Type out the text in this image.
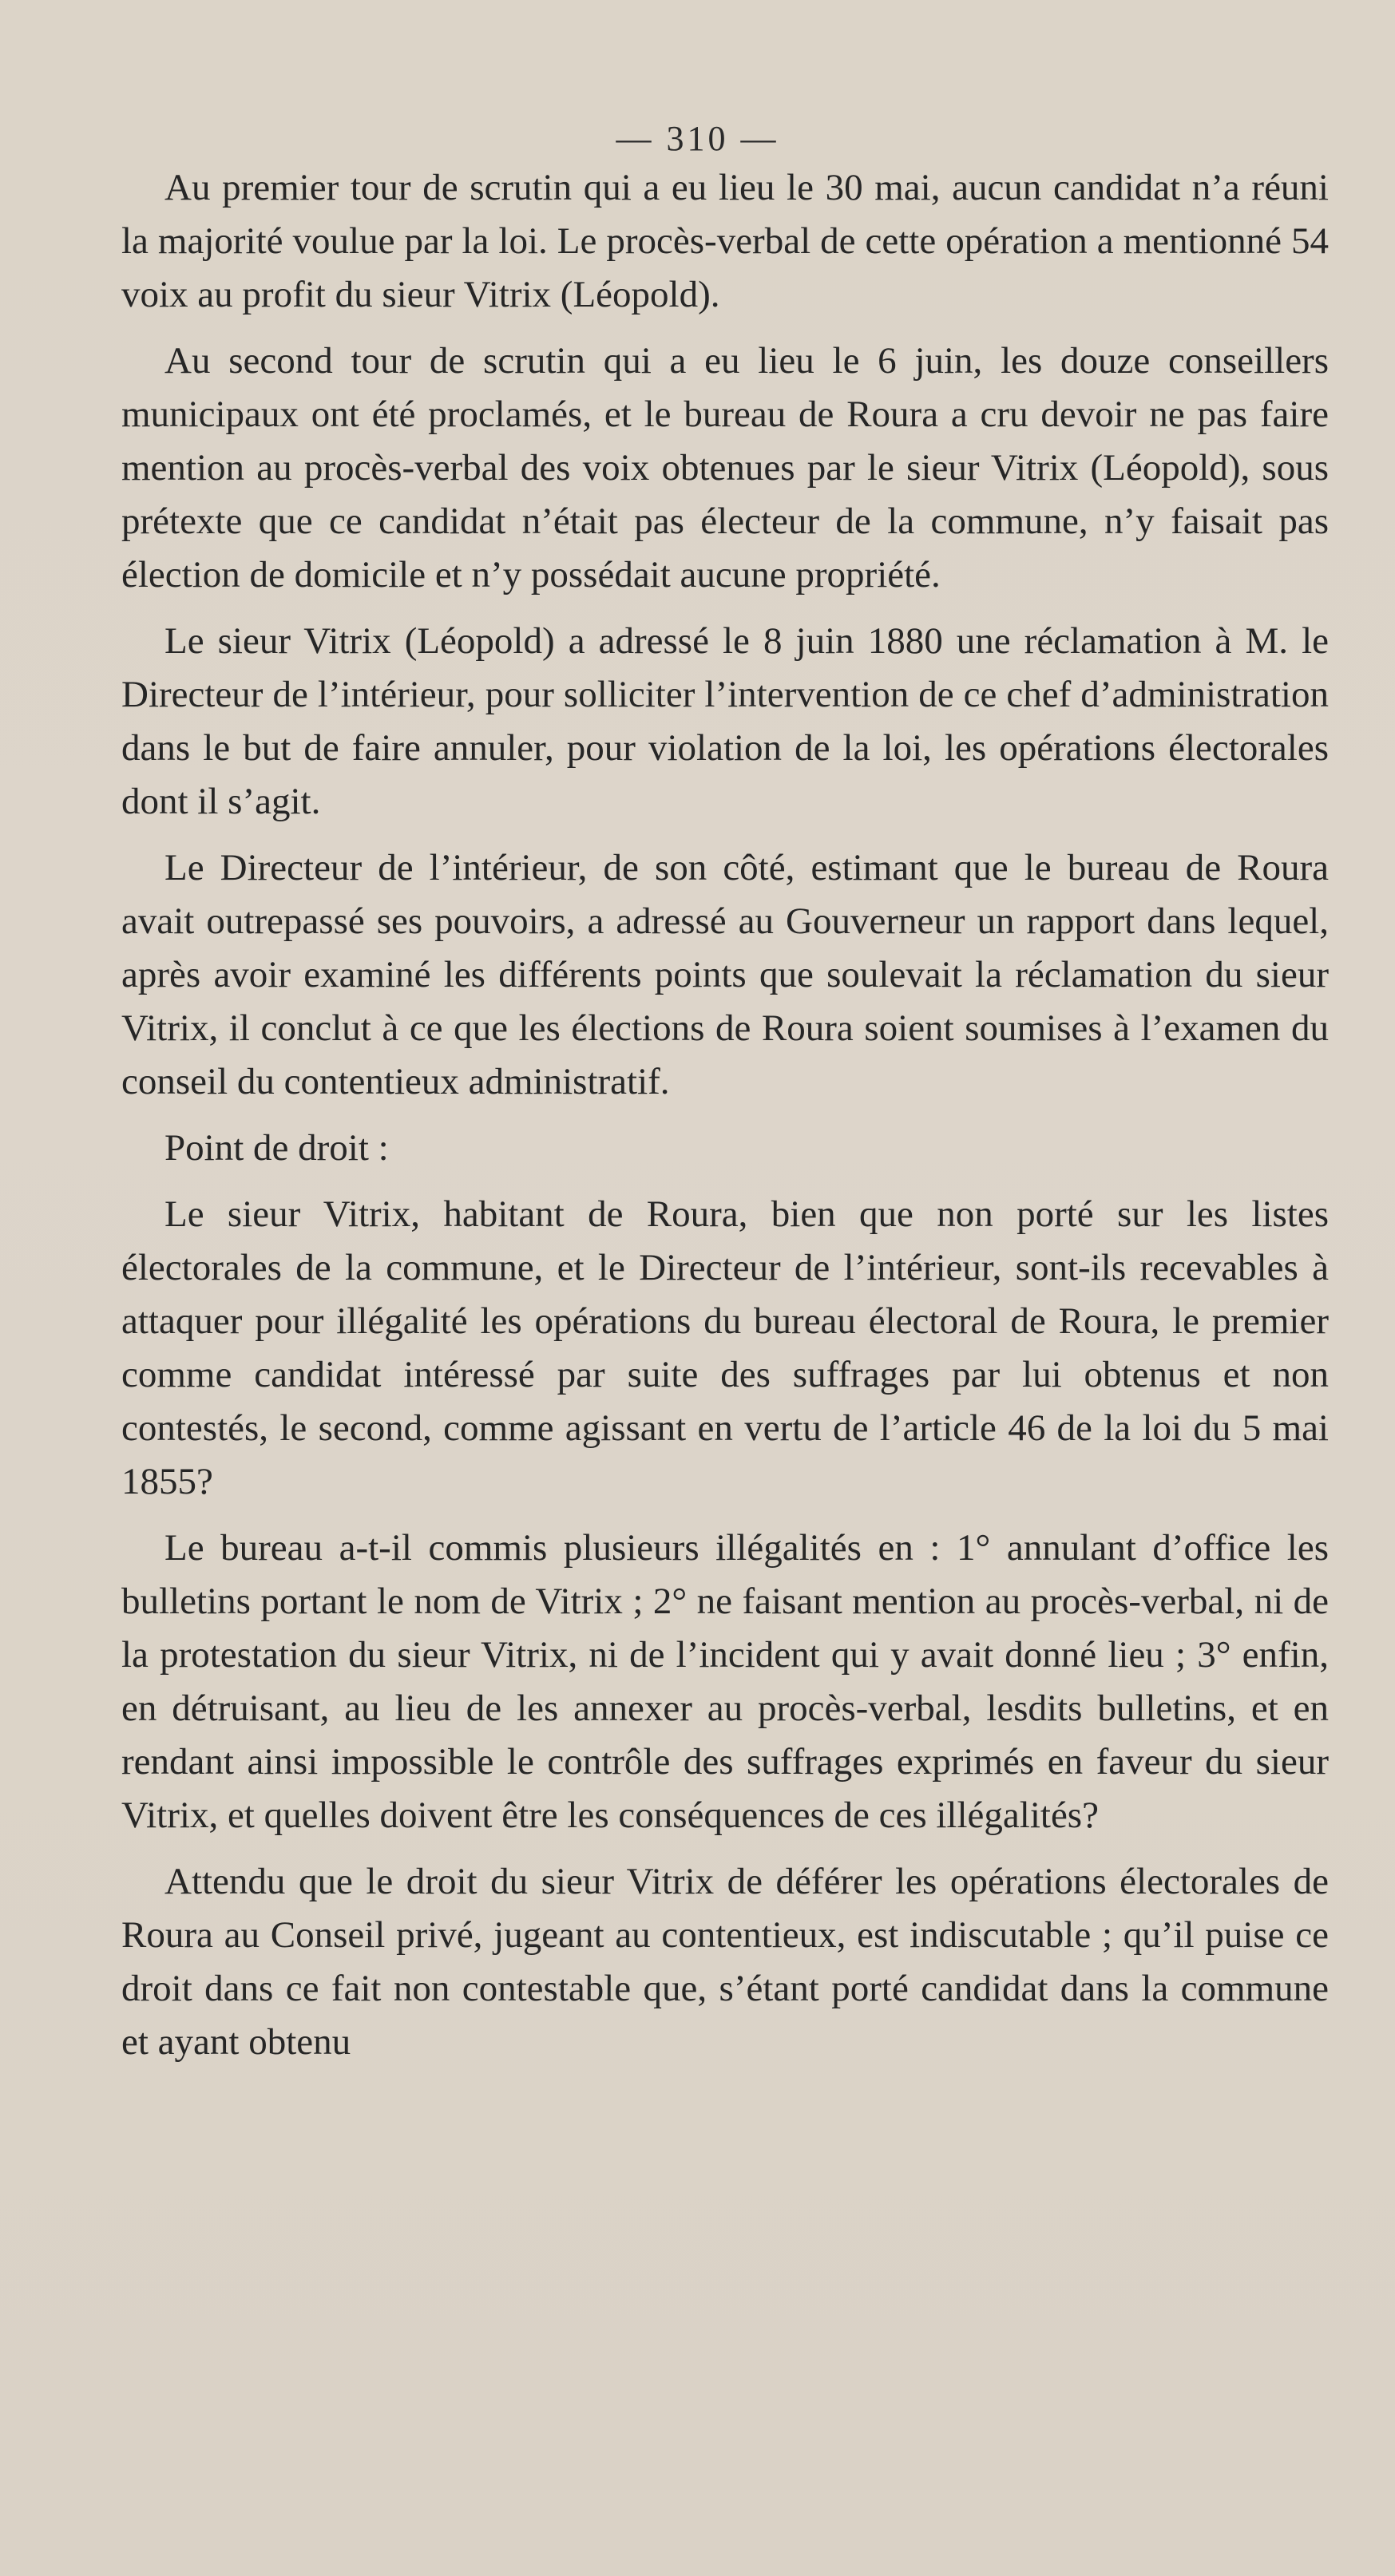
— 310 —

Au premier tour de scrutin qui a eu lieu le 30 mai, aucun candidat n’a réuni la majorité voulue par la loi. Le procès-verbal de cette opération a mentionné 54 voix au profit du sieur Vitrix (Léopold).

Au second tour de scrutin qui a eu lieu le 6 juin, les douze conseillers municipaux ont été proclamés, et le bureau de Roura a cru devoir ne pas faire mention au procès-verbal des voix obtenues par le sieur Vitrix (Léopold), sous prétexte que ce candidat n’était pas électeur de la commune, n’y faisait pas élection de domicile et n’y possédait aucune propriété.

Le sieur Vitrix (Léopold) a adressé le 8 juin 1880 une réclamation à M. le Directeur de l’intérieur, pour solliciter l’intervention de ce chef d’administration dans le but de faire annuler, pour violation de la loi, les opérations électorales dont il s’agit.

Le Directeur de l’intérieur, de son côté, estimant que le bureau de Roura avait outrepassé ses pouvoirs, a adressé au Gouverneur un rapport dans lequel, après avoir examiné les différents points que soulevait la réclamation du sieur Vitrix, il conclut à ce que les élections de Roura soient soumises à l’examen du conseil du contentieux administratif.

Point de droit :

Le sieur Vitrix, habitant de Roura, bien que non porté sur les listes électorales de la commune, et le Directeur de l’intérieur, sont-ils recevables à attaquer pour illégalité les opérations du bureau électoral de Roura, le premier comme candidat intéressé par suite des suffrages par lui obtenus et non contestés, le second, comme agissant en vertu de l’article 46 de la loi du 5 mai 1855?

Le bureau a-t-il commis plusieurs illégalités en : 1° annulant d’office les bulletins portant le nom de Vitrix ; 2° ne faisant mention au procès-verbal, ni de la protestation du sieur Vitrix, ni de l’incident qui y avait donné lieu ; 3° enfin, en détruisant, au lieu de les annexer au procès-verbal, lesdits bulletins, et en rendant ainsi impossible le contrôle des suffrages exprimés en faveur du sieur Vitrix, et quelles doivent être les conséquences de ces illégalités?

Attendu que le droit du sieur Vitrix de déférer les opérations électorales de Roura au Conseil privé, jugeant au contentieux, est indiscutable ; qu’il puise ce droit dans ce fait non contestable que, s’étant porté candidat dans la commune et ayant obtenu
